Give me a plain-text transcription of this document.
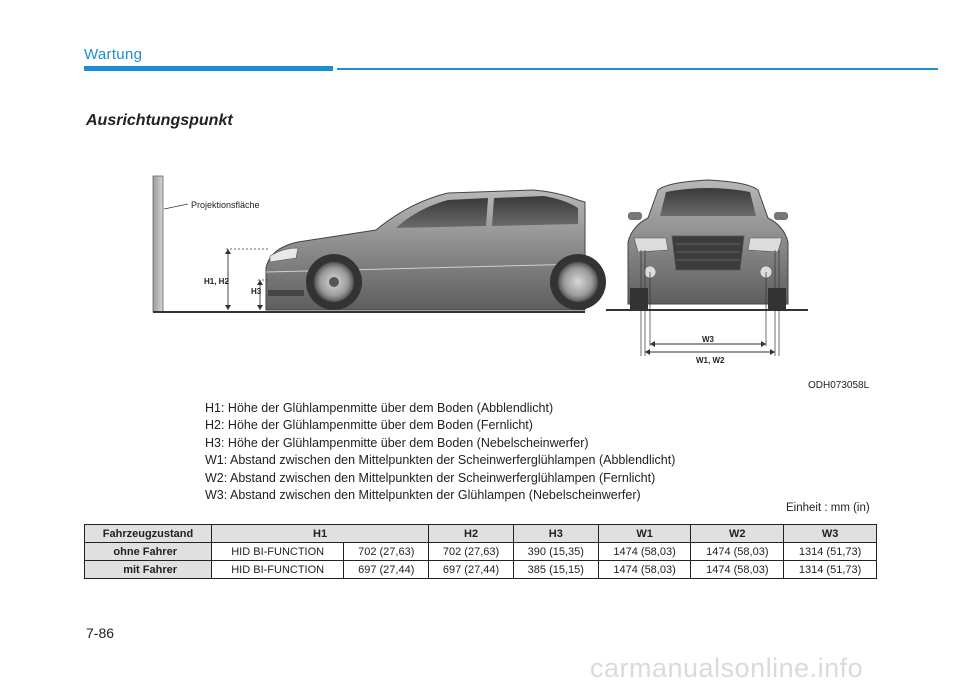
Wartung
Ausrichtungspunkt
Projektionsfläche
H1, H2
H3
W3
W1, W2
ODH073058L
H1: Höhe der Glühlampenmitte über dem Boden (Abblendlicht)
H2: Höhe der Glühlampenmitte über dem Boden (Fernlicht)
H3: Höhe der Glühlampenmitte über dem Boden (Nebelscheinwerfer)
W1: Abstand zwischen den Mittelpunkten der Scheinwerferglühlampen (Abblendlicht)
W2: Abstand zwischen den Mittelpunkten der Scheinwerferglühlampen (Fernlicht)
W3: Abstand zwischen den Mittelpunkten der Glühlampen (Nebelscheinwerfer)
Einheit : mm (in)
Fahrzeugzustand	H1		H2	H3	W1	W2	W3
ohne Fahrer	HID BI-FUNCTION	702 (27,63)	702 (27,63)	390 (15,35)	1474 (58,03)	1474 (58,03)	1314 (51,73)
mit Fahrer	HID BI-FUNCTION	697 (27,44)	697 (27,44)	385 (15,15)	1474 (58,03)	1474 (58,03)	1314 (51,73)
7-86
carmanualsonline.info
